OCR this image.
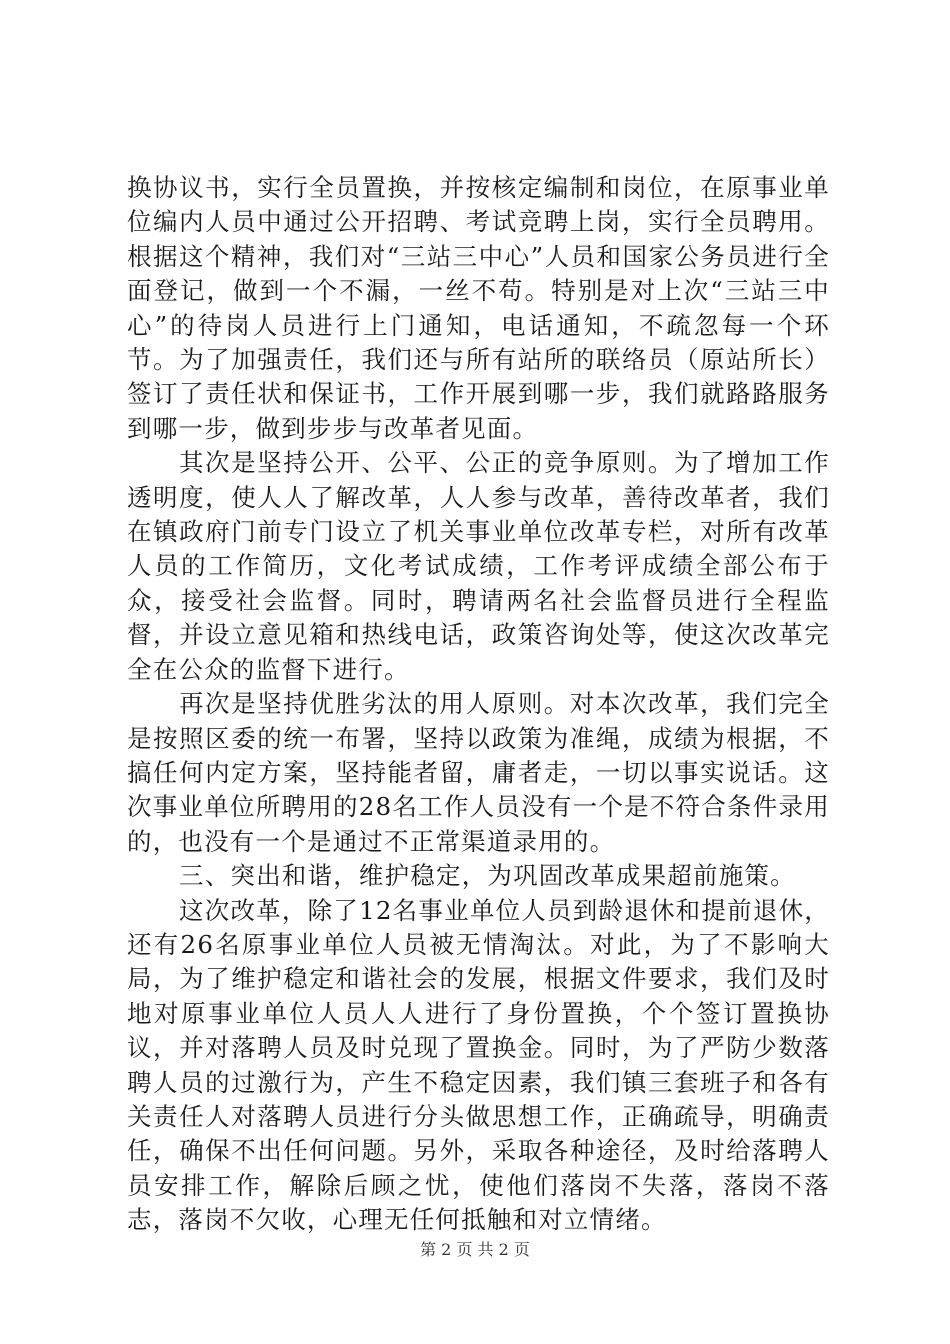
换协议书，实行全员置换，并按核定编制和岗位，在原事业单位编内人员中通过公开招聘、考试竞聘上岗，实行全员聘用。根据这个精神，我们对“三站三中心”人员和国家公务员进行全面登记，做到一个不漏，一丝不苟。特别是对上次“三站三中心”的待岗人员进行上门通知，电话通知，不疏忽每一个环节。为了加强责任，我们还与所有站所的联络员（原站所长）签订了责任状和保证书，工作开展到哪一步，我们就路路服务到哪一步，做到步步与改革者见面。

其次是坚持公开、公平、公正的竞争原则。为了增加工作透明度，使人人了解改革，人人参与改革，善待改革者，我们在镇政府门前专门设立了机关事业单位改革专栏，对所有改革人员的工作简历，文化考试成绩，工作考评成绩全部公布于众，接受社会监督。同时，聘请两名社会监督员进行全程监督，并设立意见箱和热线电话，政策咨询处等，使这次改革完全在公众的监督下进行。

再次是坚持优胜劣汰的用人原则。对本次改革，我们完全是按照区委的统一布署，坚持以政策为准绳，成绩为根据，不搞任何内定方案，坚持能者留，庸者走，一切以事实说话。这次事业单位所聘用的28名工作人员没有一个是不符合条件录用的，也没有一个是通过不正常渠道录用的。

三、突出和谐，维护稳定，为巩固改革成果超前施策。

这次改革，除了12名事业单位人员到龄退休和提前退休，还有26名原事业单位人员被无情淘汰。对此，为了不影响大局，为了维护稳定和谐社会的发展，根据文件要求，我们及时地对原事业单位人员人人进行了身份置换，个个签订置换协议，并对落聘人员及时兑现了置换金。同时，为了严防少数落聘人员的过激行为，产生不稳定因素，我们镇三套班子和各有关责任人对落聘人员进行分头做思想工作，正确疏导，明确责任，确保不出任何问题。另外，采取各种途径，及时给落聘人员安排工作，解除后顾之忧，使他们落岗不失落，落岗不落志，落岗不欠收，心理无任何抵触和对立情绪。

第 2 页 共 2 页
